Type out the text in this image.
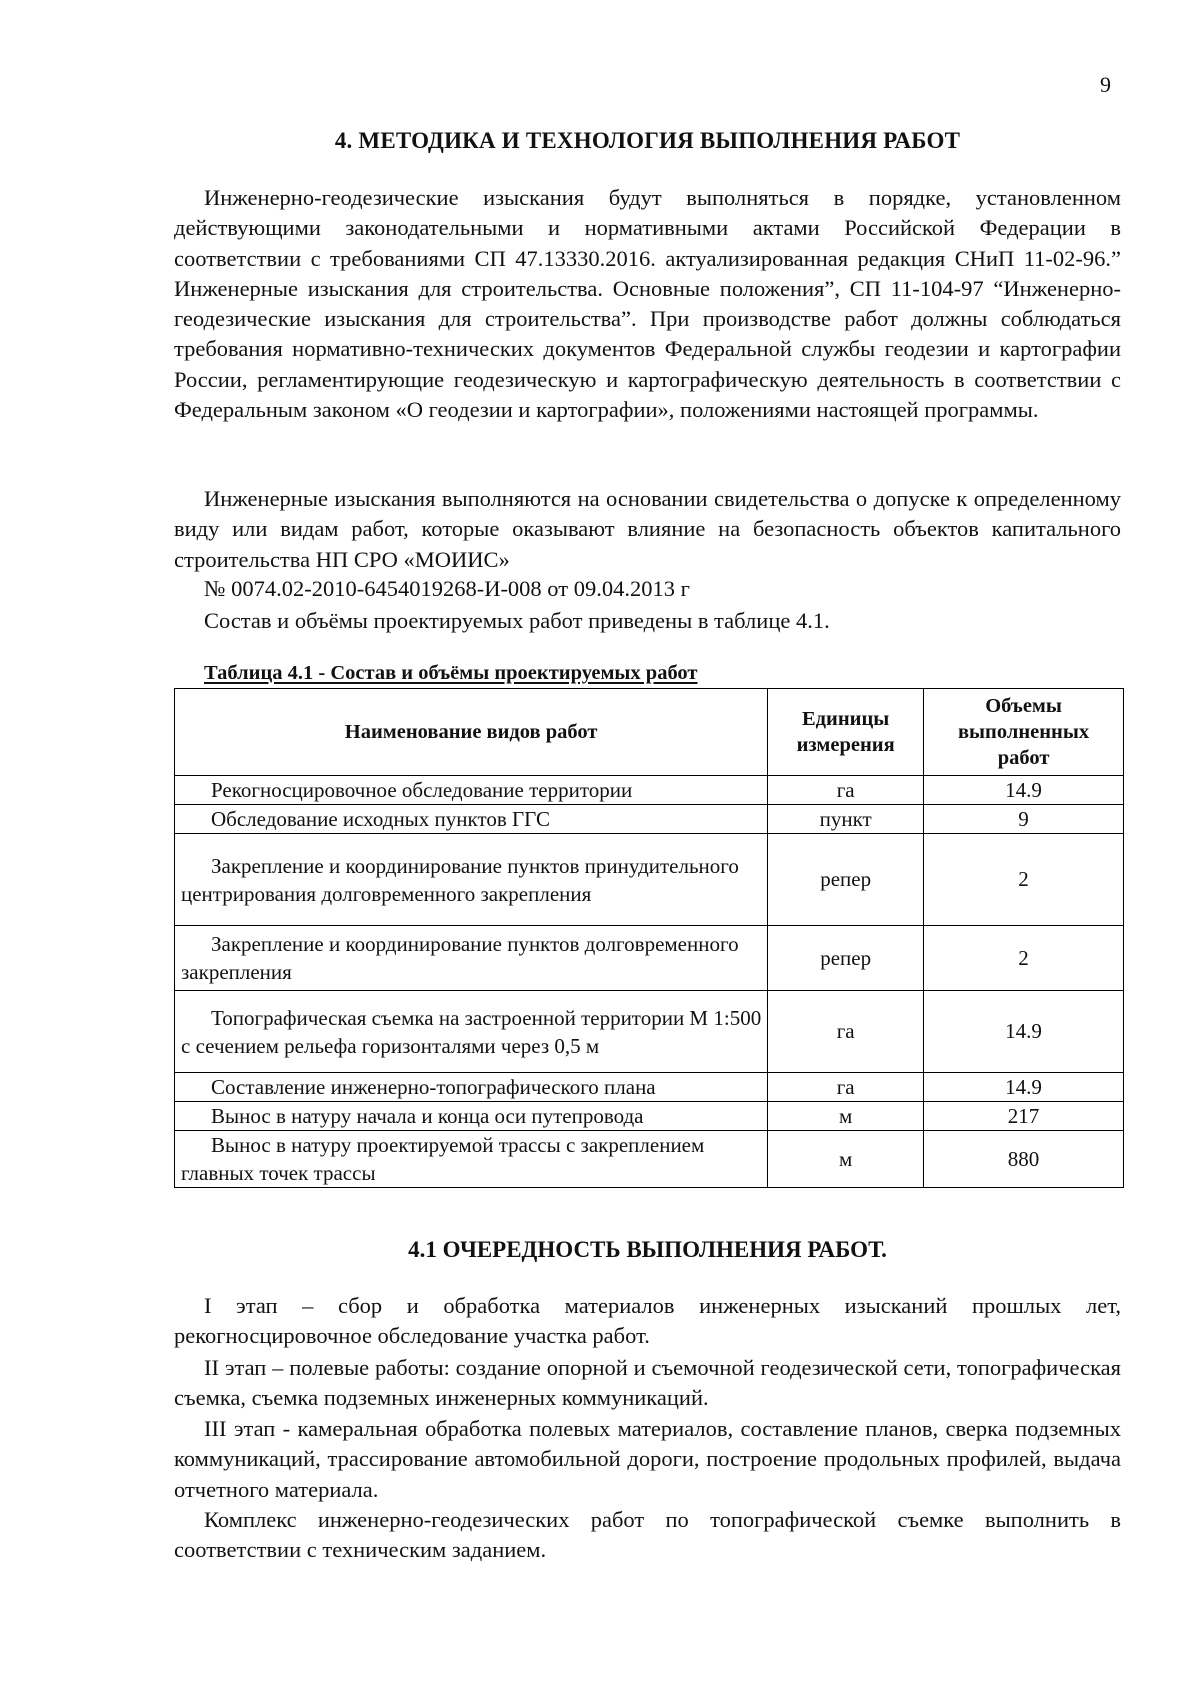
9
4. МЕТОДИКА И ТЕХНОЛОГИЯ ВЫПОЛНЕНИЯ РАБОТ

Инженерно-геодезические изыскания будут выполняться в порядке, установленном действующими законодательными и нормативными актами Российской Федерации в соответствии с требованиями СП 47.13330.2016. актуализированная редакция СНиП 11-02-96.” Инженерные изыскания для строительства. Основные положения”, СП 11-104-97 “Инженерно-геодезические изыскания для строительства”. При производстве работ должны соблюдаться требования нормативно-технических документов Федеральной службы геодезии и картографии России, регламентирующие геодезическую и картографическую деятельность в соответствии с Федеральным законом «О геодезии и картографии», положениями настоящей программы.

Инженерные изыскания выполняются на основании свидетельства о допуске к определенному виду или видам работ, которые оказывают влияние на безопасность объектов капитального строительства НП СРО «МОИИС»

№ 0074.02-2010-6454019268-И-008 от 09.04.2013 г
Состав и объёмы проектируемых работ приведены в таблице 4.1.
Таблица 4.1 - Состав и объёмы проектируемых работ
Наименование видов работ	Единицы измерения	Объемы выполненных работ
Рекогносцировочное обследование территории	га	14.9
Обследование исходных пунктов ГГС	пункт	9
Закрепление и координирование пунктов принудительного центрирования долговременного закрепления	репер	2
Закрепление и координирование пунктов долговременного закрепления	репер	2
Топографическая съемка на застроенной территории М 1:500 с сечением рельефа горизонталями через 0,5 м	га	14.9
Составление инженерно-топографического плана	га	14.9
Вынос в натуру начала и конца оси путепровода	м	217
Вынос в натуру проектируемой трассы с закреплением главных точек трассы	м	880
4.1 ОЧЕРЕДНОСТЬ ВЫПОЛНЕНИЯ РАБОТ.

I этап – сбор и обработка материалов инженерных изысканий прошлых лет, рекогносцировочное обследование участка работ.

II этап – полевые работы: создание опорной и съемочной геодезической сети, топографическая съемка, съемка подземных инженерных коммуникаций.

III этап - камеральная обработка полевых материалов, составление планов, сверка подземных коммуникаций, трассирование автомобильной дороги, построение продольных профилей, выдача отчетного материала.

Комплекс инженерно-геодезических работ по топографической съемке выполнить в соответствии с техническим заданием.
